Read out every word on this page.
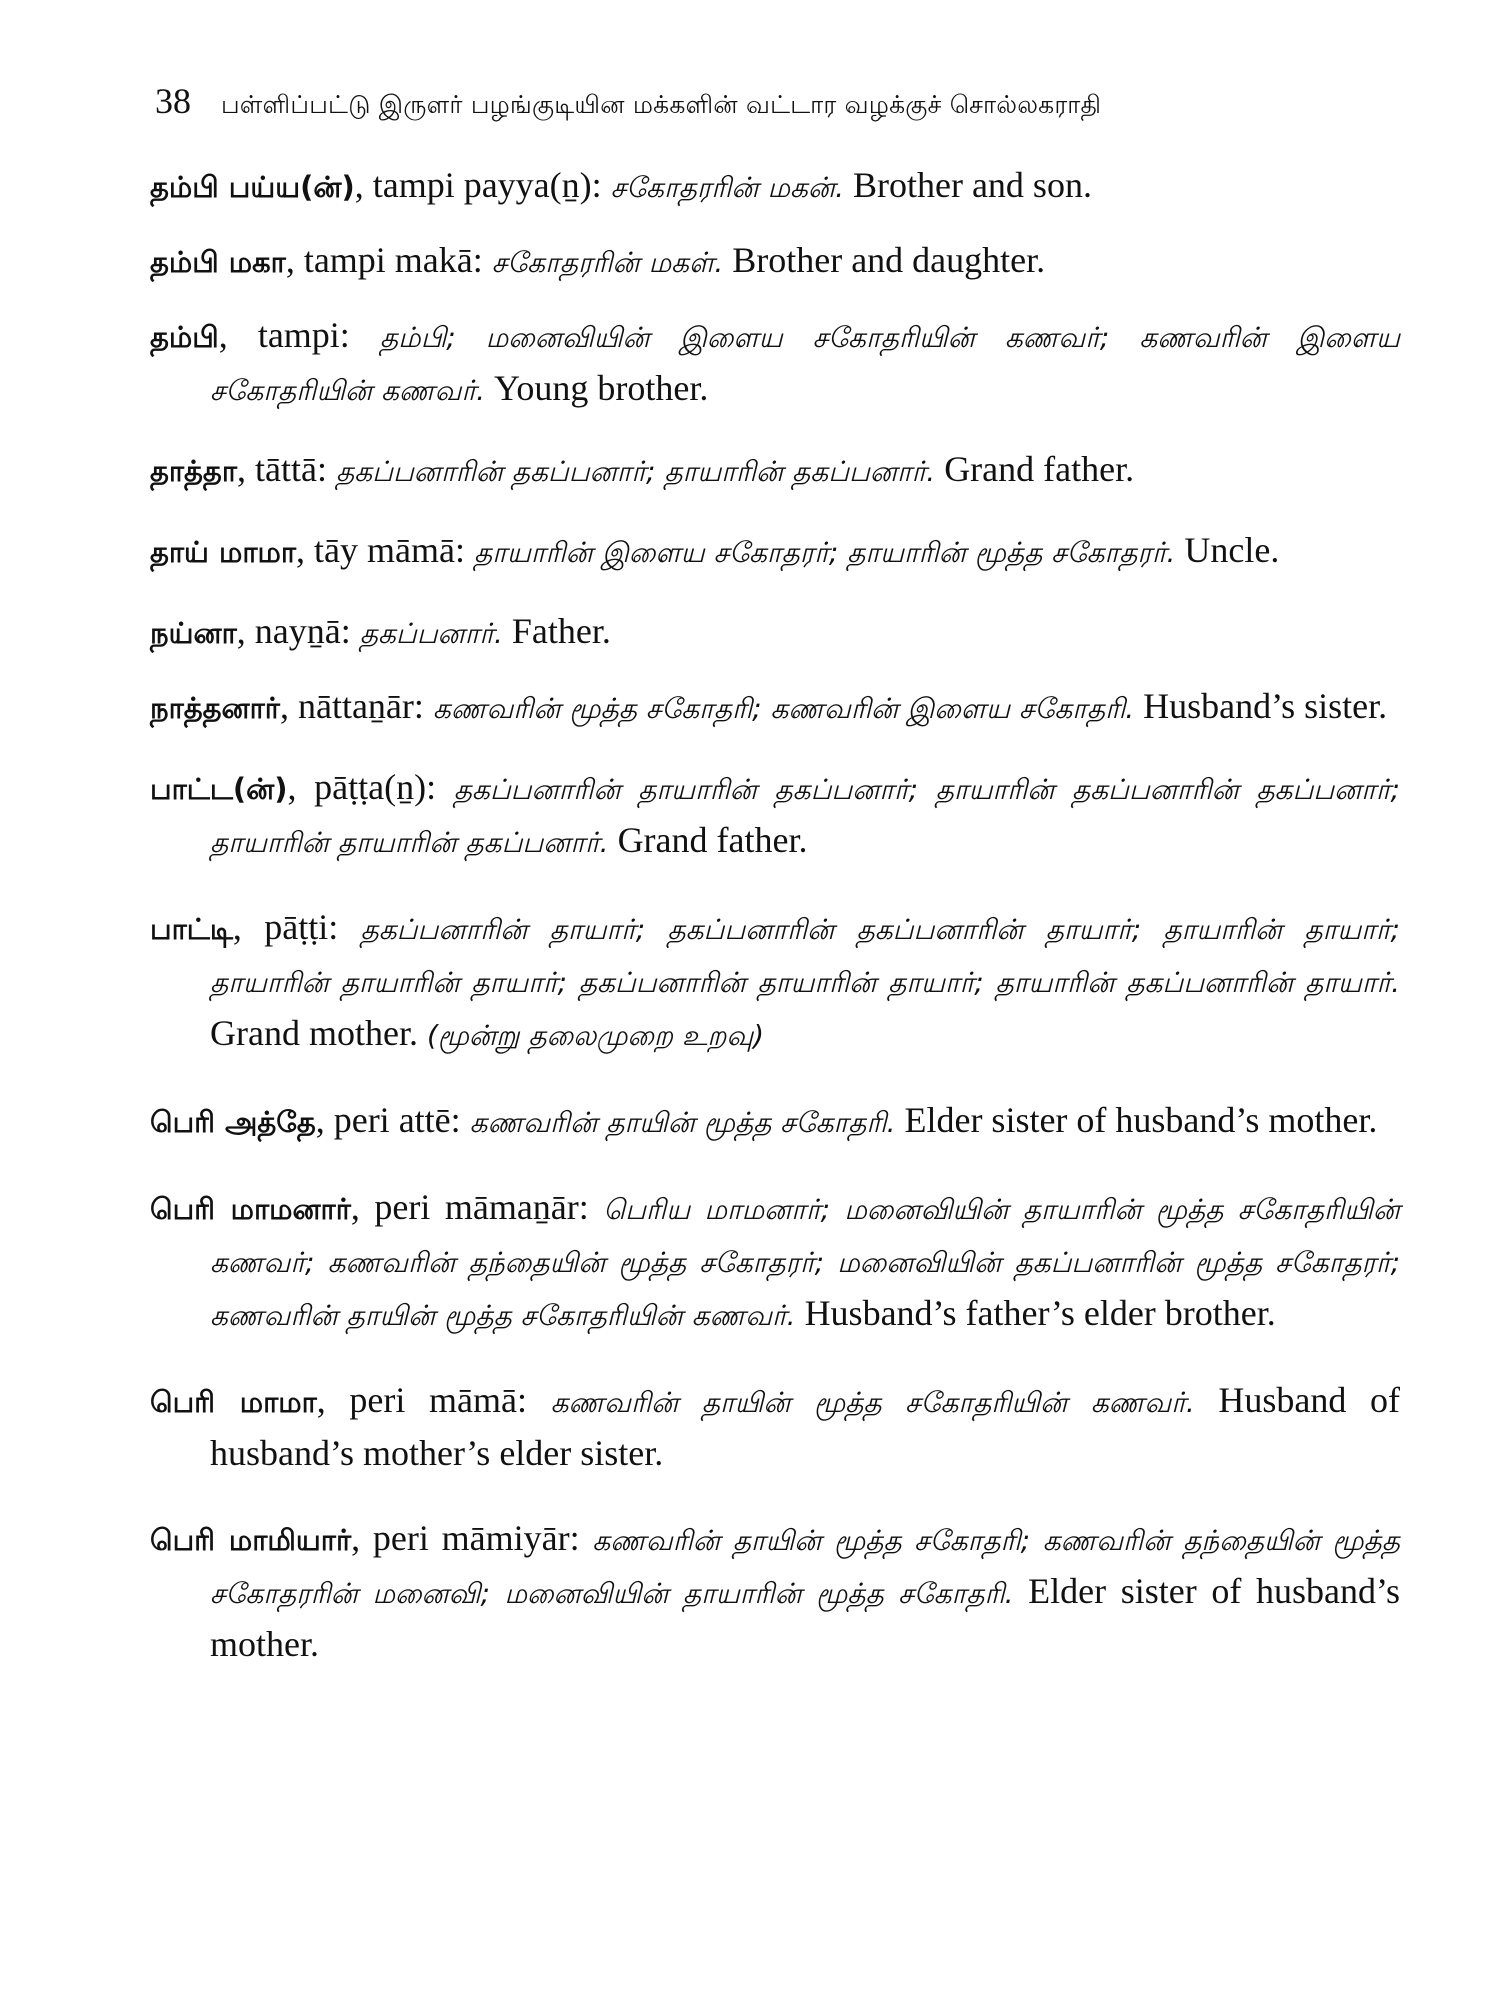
38 பள்ளிப்பட்டு இருளர் பழங்குடியின மக்களின் வட்டார வழக்குச் சொல்லகராதி
தம்பி பய்ய(ன்), tampi payya(ṉ): சகோதரரின் மகன். Brother and son.
தம்பி மகா, tampi makā: சகோதரரின் மகள். Brother and daughter.
தம்பி, tampi: தம்பி; மனைவியின் இளைய சகோதரியின் கணவர்; கணவரின் இளைய சகோதரியின் கணவர். Young brother.
தாத்தா, tāttā: தகப்பனாரின் தகப்பனார்; தாயாரின் தகப்பனார். Grand father.
தாய் மாமா, tāy māmā: தாயாரின் இளைய சகோதரர்; தாயாரின் மூத்த சகோதரர். Uncle.
நய்னா, nayṉā: தகப்பனார். Father.
நாத்தனார், nāttaṉār: கணவரின் மூத்த சகோதரி; கணவரின் இளைய சகோதரி. Husband’s sister.
பாட்ட(ன்), pāṭṭa(ṉ): தகப்பனாரின் தாயாரின் தகப்பனார்; தாயாரின் தகப்பனாரின் தகப்பனார்; தாயாரின் தாயாரின் தகப்பனார். Grand father.
பாட்டி, pāṭṭi: தகப்பனாரின் தாயார்; தகப்பனாரின் தகப்பனாரின் தாயார்; தாயாரின் தாயார்; தாயாரின் தாயாரின் தாயார்; தகப்பனாரின் தாயாரின் தாயார்; தாயாரின் தகப்பனாரின் தாயார். Grand mother. (மூன்று தலைமுறை உறவு)
பெரி அத்தே, peri attē: கணவரின் தாயின் மூத்த சகோதரி. Elder sister of husband’s mother.
பெரி மாமனார், peri māmaṉār: பெரிய மாமனார்; மனைவியின் தாயாரின் மூத்த சகோதரியின் கணவர்; கணவரின் தந்தையின் மூத்த சகோதரர்; மனைவியின் தகப்பனாரின் மூத்த சகோதரர்; கணவரின் தாயின் மூத்த சகோதரியின் கணவர். Husband’s father’s elder brother.
பெரி மாமா, peri māmā: கணவரின் தாயின் மூத்த சகோதரியின் கணவர். Husband of husband’s mother’s elder sister.
பெரி மாமியார், peri māmiyār: கணவரின் தாயின் மூத்த சகோதரி; கணவரின் தந்தையின் மூத்த சகோதரரின் மனைவி; மனைவியின் தாயாரின் மூத்த சகோதரி. Elder sister of husband’s mother.
